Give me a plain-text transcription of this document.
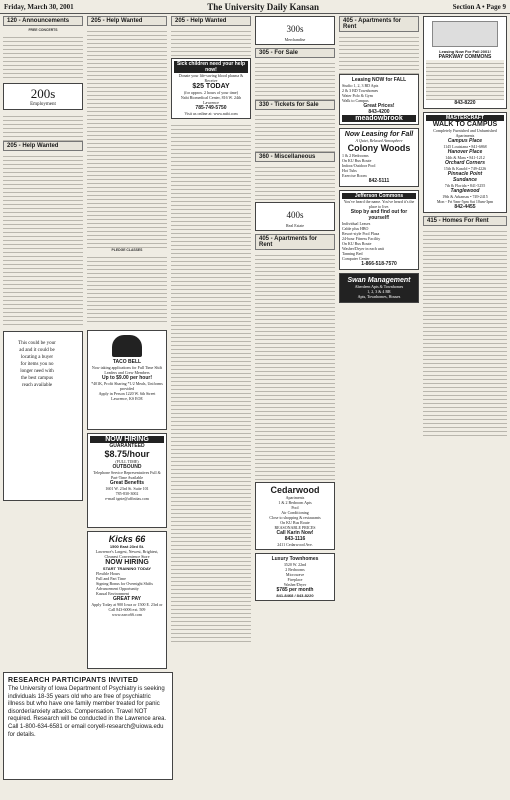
Friday, March 30, 2001	The University Daily Kansan	Section A • Page 9
120 - Announcements
FREE CONCERTS
200s
Employment
205 - Help Wanted
This could be your ad and it could be locating a buyer for items you no longer need with the best campus reach available
RESEARCH PARTICIPANTS INVITED
The University of Iowa Department of Psychiatry is seeking individuals 18-35 years old who are free of psychiatric illness but who have one family member treated for panic disorder/anxiety attacks. Compensation. Travel NOT required. Research will be conducted in the Lawrence area. Call 1-800-634-6581 or email coryell-research@uiowa.edu for details.
205 - Help Wanted
PLEDGE CLASSES
TACO BELL
Now taking applications for Full Time Shift Leaders and Crew Members
Up to $9.00 per hour!
*401K, Profit Sharing *1/2 Meals, Uniforms provided
Apply in Person 1220 W. 6th Street Lawrence, KS EOE
NOW HIRING
GUARANTEED
$8.75/hour
(FULL TIME)
OUTBOUND
Telephone Service Representatives Full & Part-Time Available
Great Benefits
1601 W. 23rd St. Suite 101
785-830-3002
e-mail tgnte@affinitas.com
Kicks 66
1500 East 23rd St.
Lawrence's Largest, Newest, Brightest, Cleanest Convenience Store
NOW HIRING
START TRAINING TODAY
Flexible Hours
Full and Part Time
Signing Bonus for Overnight Shifts
Advancement Opportunity
Kasual Environment
GREAT PAY
Apply Today at 900 Iowa or 1500 E. 23rd or Call 843-6006 ext. 509
www.zarco66.com
205 - Help Wanted
Sick children need your help now!
Donate your life-saving blood plasma & Receive
$25 TODAY
(for approx. 2 hours of your time)
Nabi Biomedical Center, 816 W. 24th Lawrence
785-749-5750
Visit us online at: www.nabi.com
300s
Merchandise
305 - For Sale
330 - Tickets for Sale
360 - Miscellaneous
400s
Real Estate
405 - Apartments for Rent
Cedarwood
Apartments
1 & 2 Bedroom Apts
Pool
Air Conditioning
Close to shopping & restaurants
On KU Bus Route
REASONABLE PRICES
Call Karin Now!
843-1116
2411 Cedarwood Ave.
Luxury Townhomes
3520 W. 22nd
2 Bedrooms
Microwave
Fireplace
Washer/Dryer
$785 per month
841-8468 / 843-8220
405 - Apartments for Rent
Leasing NOW for FALL
Studio 1, 2, 3 BD Apts
2 & 3 BD Townhomes
Water Polo & Gym
Walk to Campus
Great Prices!
843-4200
meadowbrook
Now Leasing for Fall
A Quiet, Relaxed Atmosphere
Colony Woods
1 & 2 Bedrooms
On KU Bus Route
Indoor/Outdoor Pool
Hot Tubs
Exercise Room
842-5111
Jefferson Commons
You've heard the name. You've heard it's the place to live.
Stop by and find out for yourself!
Individual Leases
Cable plus HBO
Resort-style Pool Plaza
24-hour Fitness Facility
On KU Bus Route
Washer/Dryer in each unit
Tanning Bed
Computer Center
1-866-518-7570
Swan Management
Aberdeen Apts & Townhomes
1, 2, 3 & 4 BR
Apts, Townhomes, Houses
Leasing Now For Fall 2001!
PARKWAY COMMONS
843-8220
MASTERCRAFT
WALK TO CAMPUS
Completely Furnished and Unfurnished Apartments
Campus Place
1145 Louisiana • 841-6868
Hanover Place
14th & Mass • 841-1212
Orchard Corners
15th & Kasold • 749-4226
Pinnacle Point
Sundance
7th & Florida • 841-5255
Tanglewood
19th & Arkansas • 749-2415
Mon - Fri 9am-5pm Sat 10am-3pm
842-4455
415 - Homes For Rent
